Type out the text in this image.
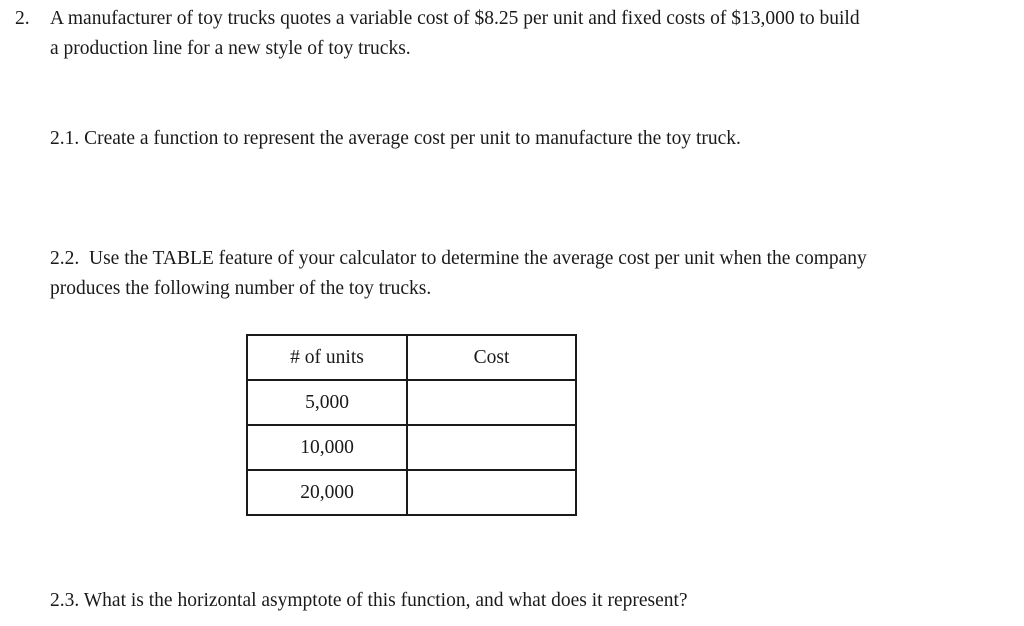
2. A manufacturer of toy trucks quotes a variable cost of $8.25 per unit and fixed costs of $13,000 to build
a production line for a new style of toy trucks.
2.1. Create a function to represent the average cost per unit to manufacture the toy truck.
2.2.  Use the TABLE feature of your calculator to determine the average cost per unit when the company
produces the following number of the toy trucks.
# of units	Cost
5,000	
10,000	
20,000	
2.3. What is the horizontal asymptote of this function, and what does it represent?
